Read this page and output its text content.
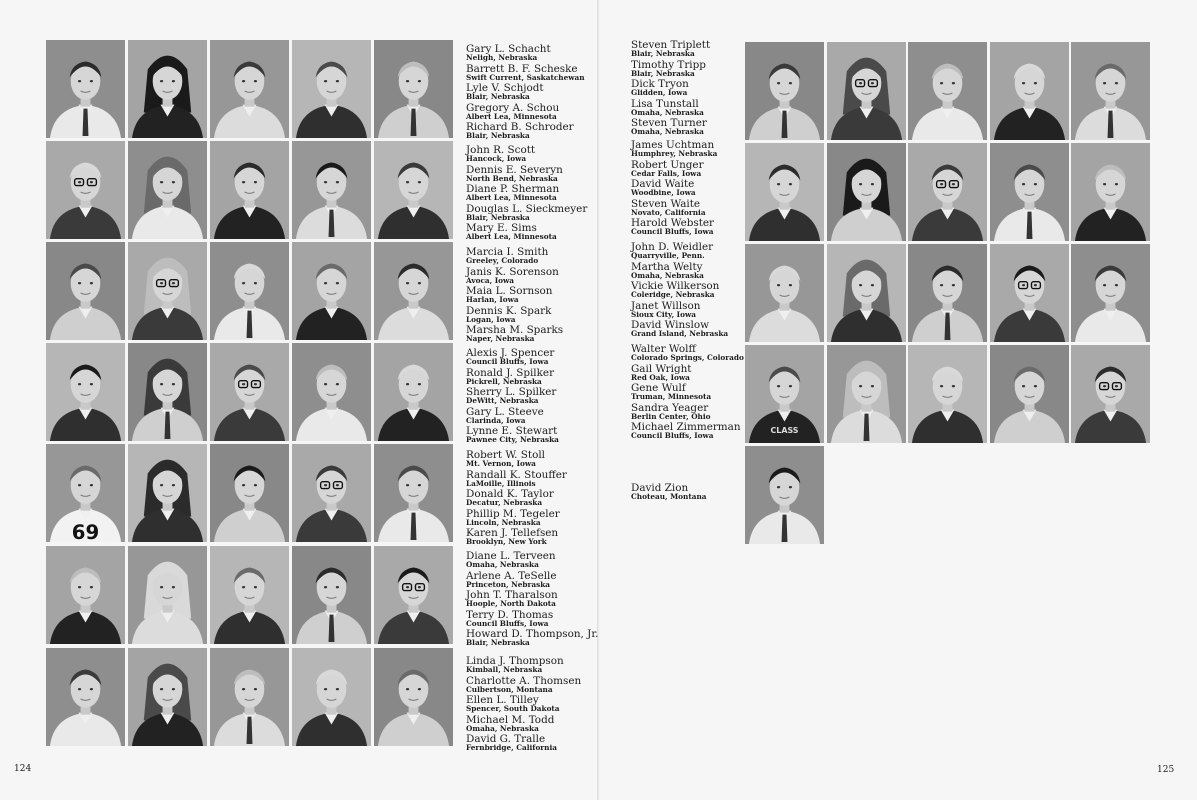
69
Gary L. Schacht
Neligh, Nebraska
Barrett B. F. Scheske
Swift Current, Saskatchewan
Lyle V. Schjodt
Blair, Nebraska
Gregory A. Schou
Albert Lea, Minnesota
Richard B. Schroder
Blair, Nebraska
John R. Scott
Hancock, Iowa
Dennis E. Severyn
North Bend, Nebraska
Diane P. Sherman
Albert Lea, Minnesota
Douglas L. Sieckmeyer
Blair, Nebraska
Mary E. Sims
Albert Lea, Minnesota
Marcia I. Smith
Greeley, Colorado
Janis K. Sorenson
Avoca, Iowa
Maia L. Sornson
Harlan, Iowa
Dennis K. Spark
Logan, Iowa
Marsha M. Sparks
Naper, Nebraska
Alexis J. Spencer
Council Bluffs, Iowa
Ronald J. Spilker
Pickrell, Nebraska
Sherry L. Spilker
DeWitt, Nebraska
Gary L. Steeve
Clarinda, Iowa
Lynne E. Stewart
Pawnee City, Nebraska
Robert W. Stoll
Mt. Vernon, Iowa
Randall K. Stouffer
LaMoille, Illinois
Donald K. Taylor
Decatur, Nebraska
Phillip M. Tegeler
Lincoln, Nebraska
Karen J. Tellefsen
Brooklyn, New York
Diane L. Terveen
Omaha, Nebraska
Arlene A. TeSelle
Princeton, Nebraska
John T. Tharalson
Hoople, North Dakota
Terry D. Thomas
Council Bluffs, Iowa
Howard D. Thompson, Jr.
Blair, Nebraska
Linda J. Thompson
Kimball, Nebraska
Charlotte A. Thomsen
Culbertson, Montana
Ellen L. Tilley
Spencer, South Dakota
Michael M. Todd
Omaha, Nebraska
David G. Tralle
Fernbridge, California
CLASS
Steven Triplett
Blair, Nebraska
Timothy Tripp
Blair, Nebraska
Dick Tryon
Glidden, Iowa
Lisa Tunstall
Omaha, Nebraska
Steven Turner
Omaha, Nebraska
James Uchtman
Humphrey, Nebraska
Robert Unger
Cedar Falls, Iowa
David Waite
Woodbine, Iowa
Steven Waite
Novato, California
Harold Webster
Council Bluffs, Iowa
John D. Weidler
Quarryville, Penn.
Martha Welty
Omaha, Nebraska
Vickie Wilkerson
Coleridge, Nebraska
Janet Willson
Sioux City, Iowa
David Winslow
Grand Island, Nebraska
Walter Wolff
Colorado Springs, Colorado
Gail Wright
Red Oak, Iowa
Gene Wulf
Truman, Minnesota
Sandra Yeager
Berlin Center, Ohio
Michael Zimmerman
Council Bluffs, Iowa
David Zion
Choteau, Montana
124	125
